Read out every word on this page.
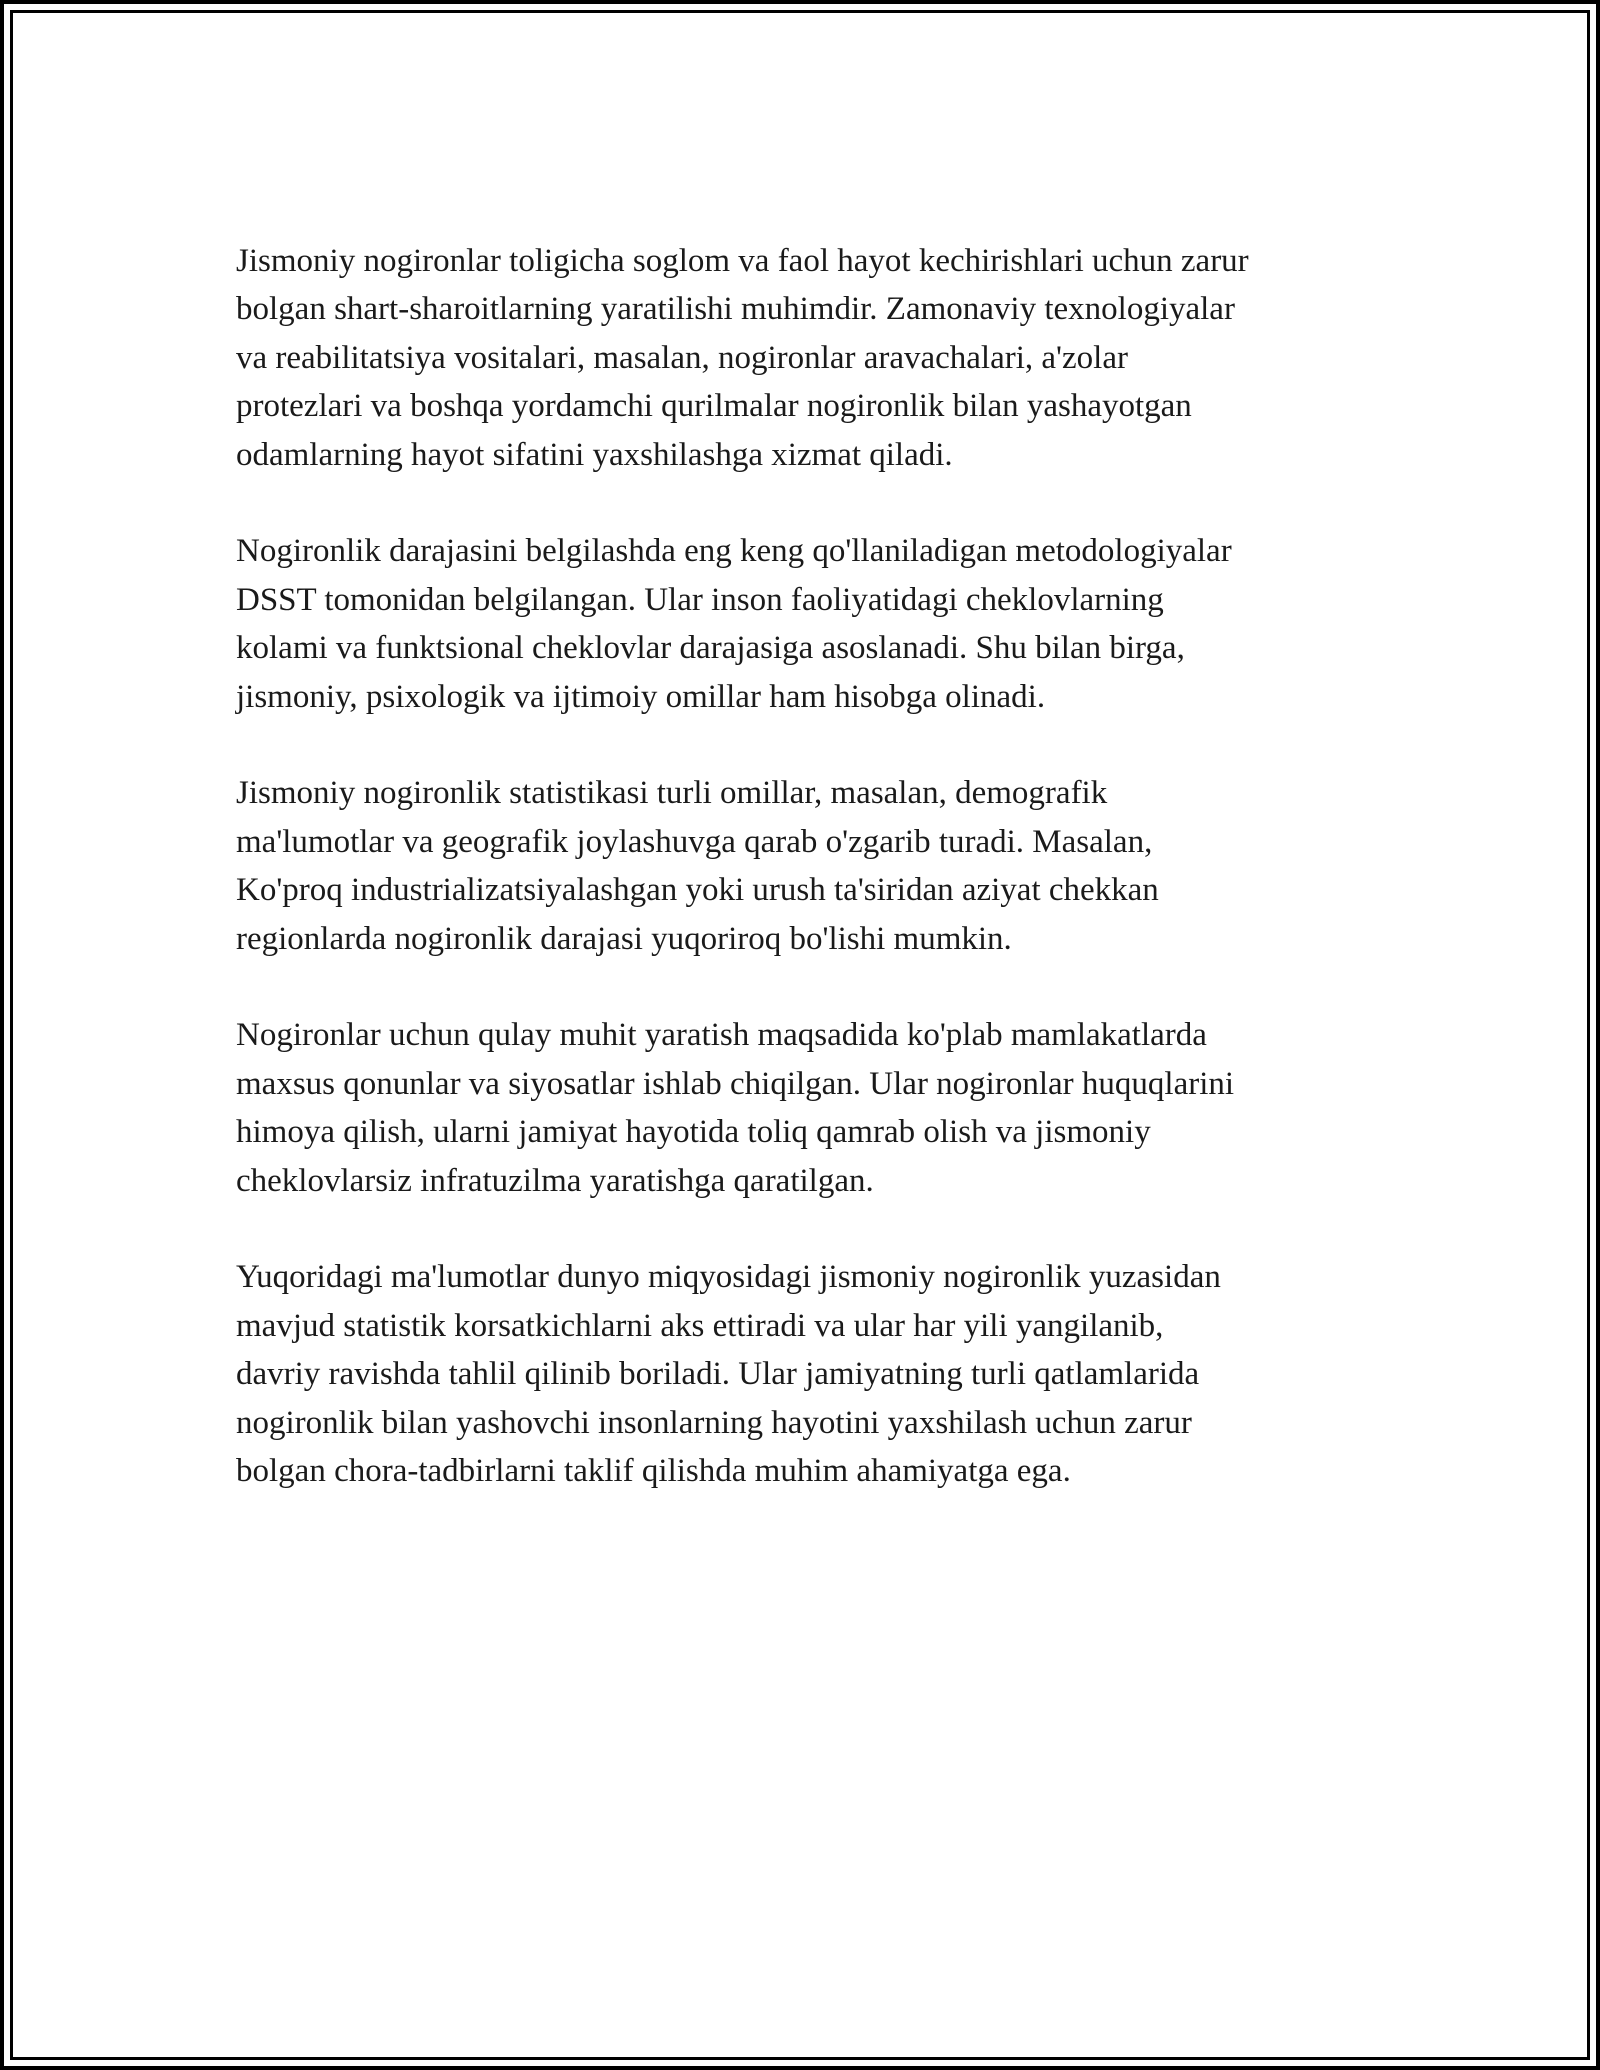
Jismoniy nogironlar toligicha soglom va faol hayot kechirishlari uchun zarur
bolgan shart-sharoitlarning yaratilishi muhimdir. Zamonaviy texnologiyalar
va reabilitatsiya vositalari, masalan, nogironlar aravachalari, a'zolar
protezlari va boshqa yordamchi qurilmalar nogironlik bilan yashayotgan
odamlarning hayot sifatini yaxshilashga xizmat qiladi.

Nogironlik darajasini belgilashda eng keng qo'llaniladigan metodologiyalar
DSST tomonidan belgilangan. Ular inson faoliyatidagi cheklovlarning
kolami va funktsional cheklovlar darajasiga asoslanadi. Shu bilan birga,
jismoniy, psixologik va ijtimoiy omillar ham hisobga olinadi.

Jismoniy nogironlik statistikasi turli omillar, masalan, demografik
ma'lumotlar va geografik joylashuvga qarab o'zgarib turadi. Masalan,
Ko'proq industrializatsiyalashgan yoki urush ta'siridan aziyat chekkan
regionlarda nogironlik darajasi yuqoriroq bo'lishi mumkin.

Nogironlar uchun qulay muhit yaratish maqsadida ko'plab mamlakatlarda
maxsus qonunlar va siyosatlar ishlab chiqilgan. Ular nogironlar huquqlarini
himoya qilish, ularni jamiyat hayotida toliq qamrab olish va jismoniy
cheklovlarsiz infratuzilma yaratishga qaratilgan.

Yuqoridagi ma'lumotlar dunyo miqyosidagi jismoniy nogironlik yuzasidan
mavjud statistik korsatkichlarni aks ettiradi va ular har yili yangilanib,
davriy ravishda tahlil qilinib boriladi. Ular jamiyatning turli qatlamlarida
nogironlik bilan yashovchi insonlarning hayotini yaxshilash uchun zarur
bolgan chora-tadbirlarni taklif qilishda muhim ahamiyatga ega.
